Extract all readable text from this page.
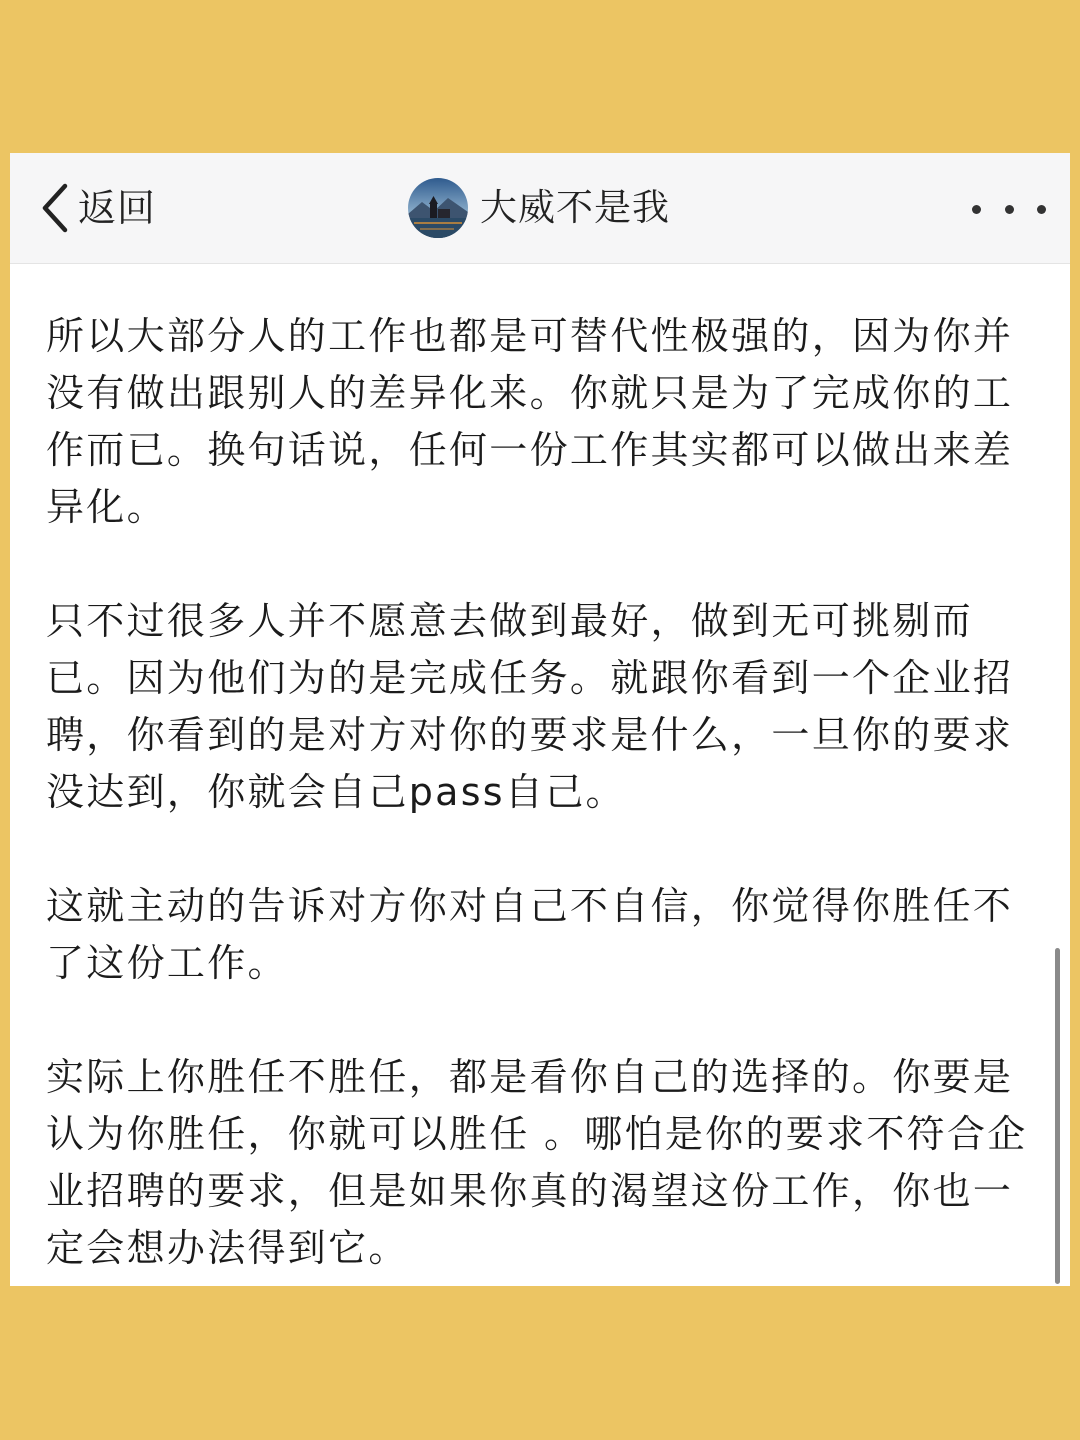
返回	大威不是我

所以大部分人的工作也都是可替代性极强的，因为你并没有做出跟别人的差异化来。你就只是为了完成你的工作而已。换句话说，任何一份工作其实都可以做出来差异化。

只不过很多人并不愿意去做到最好，做到无可挑剔而已。因为他们为的是完成任务。就跟你看到一个企业招聘，你看到的是对方对你的要求是什么，一旦你的要求没达到，你就会自己pass自己。

这就主动的告诉对方你对自己不自信，你觉得你胜任不了这份工作。

实际上你胜任不胜任，都是看你自己的选择的。你要是认为你胜任，你就可以胜任 。哪怕是你的要求不符合企业招聘的要求，但是如果你真的渴望这份工作，你也一定会想办法得到它。
